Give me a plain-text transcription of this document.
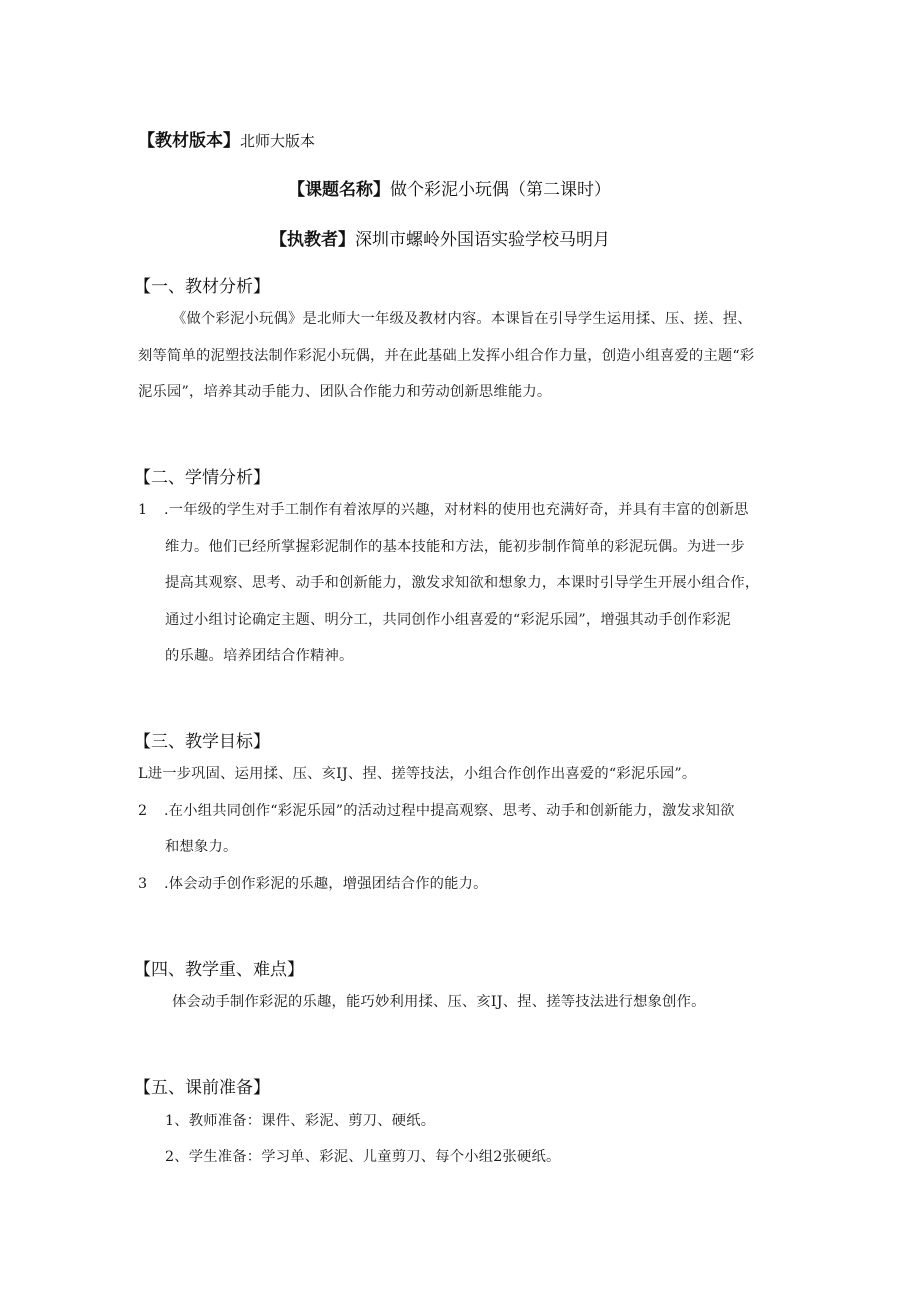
【教材版本】北师大版本
【课题名称】做个彩泥小玩偶（第二课时）
【执教者】深圳市螺岭外国语实验学校马明月
【一、教材分析】
《做个彩泥小玩偶》是北师大一年级及教材内容。本课旨在引导学生运用揉、压、搓、捏、
刻等简单的泥塑技法制作彩泥小玩偶，并在此基础上发挥小组合作力量，创造小组喜爱的主题“彩
泥乐园”，培养其动手能力、团队合作能力和劳动创新思维能力。
【二、学情分析】
1 .一年级的学生对手工制作有着浓厚的兴趣，对材料的使用也充满好奇，并具有丰富的创新思
维力。他们已经所掌握彩泥制作的基本技能和方法，能初步制作简单的彩泥玩偶。为进一步
提高其观察、思考、动手和创新能力，激发求知欲和想象力，本课时引导学生开展小组合作，
通过小组讨论确定主题、明分工，共同创作小组喜爱的“彩泥乐园”，增强其动手创作彩泥
的乐趣。培养团结合作精神。
【三、教学目标】
L进一步巩固、运用揉、压、亥IJ、捏、搓等技法，小组合作创作出喜爱的“彩泥乐园”。
2 .在小组共同创作“彩泥乐园”的活动过程中提高观察、思考、动手和创新能力，激发求知欲
和想象力。
3 .体会动手创作彩泥的乐趣，增强团结合作的能力。
【四、教学重、难点】
体会动手制作彩泥的乐趣，能巧妙利用揉、压、亥IJ、捏、搓等技法进行想象创作。
【五、课前准备】
1、教师准备：课件、彩泥、剪刀、硬纸。
2、学生准备：学习单、彩泥、儿童剪刀、每个小组2张硬纸。
